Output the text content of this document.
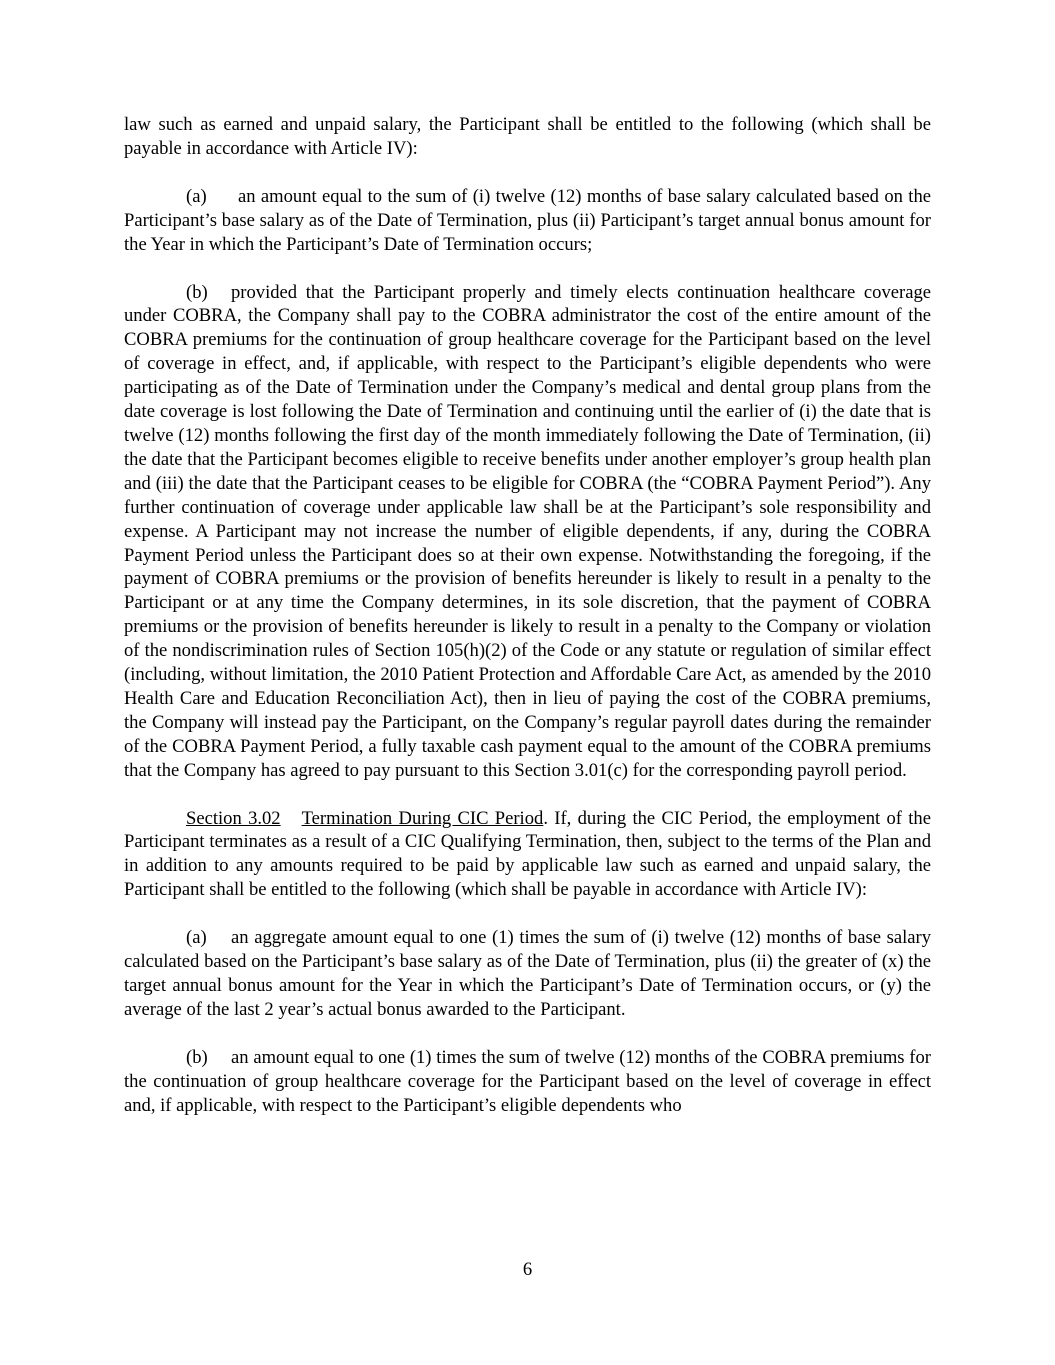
law such as earned and unpaid salary, the Participant shall be entitled to the following (which shall be payable in accordance with Article IV):

(a) an amount equal to the sum of (i) twelve (12) months of base salary calculated based on the Participant’s base salary as of the Date of Termination, plus (ii) Participant’s target annual bonus amount for the Year in which the Participant’s Date of Termination occurs;

(b) provided that the Participant properly and timely elects continuation healthcare coverage under COBRA, the Company shall pay to the COBRA administrator the cost of the entire amount of the COBRA premiums for the continuation of group healthcare coverage for the Participant based on the level of coverage in effect, and, if applicable, with respect to the Participant’s eligible dependents who were participating as of the Date of Termination under the Company’s medical and dental group plans from the date coverage is lost following the Date of Termination and continuing until the earlier of (i) the date that is twelve (12) months following the first day of the month immediately following the Date of Termination, (ii) the date that the Participant becomes eligible to receive benefits under another employer’s group health plan and (iii) the date that the Participant ceases to be eligible for COBRA (the “COBRA Payment Period”). Any further continuation of coverage under applicable law shall be at the Participant’s sole responsibility and expense. A Participant may not increase the number of eligible dependents, if any, during the COBRA Payment Period unless the Participant does so at their own expense. Notwithstanding the foregoing, if the payment of COBRA premiums or the provision of benefits hereunder is likely to result in a penalty to the Participant or at any time the Company determines, in its sole discretion, that the payment of COBRA premiums or the provision of benefits hereunder is likely to result in a penalty to the Company or violation of the nondiscrimination rules of Section 105(h)(2) of the Code or any statute or regulation of similar effect (including, without limitation, the 2010 Patient Protection and Affordable Care Act, as amended by the 2010 Health Care and Education Reconciliation Act), then in lieu of paying the cost of the COBRA premiums, the Company will instead pay the Participant, on the Company’s regular payroll dates during the remainder of the COBRA Payment Period, a fully taxable cash payment equal to the amount of the COBRA premiums that the Company has agreed to pay pursuant to this Section 3.01(c) for the corresponding payroll period.

Section 3.02 Termination During CIC Period. If, during the CIC Period, the employment of the Participant terminates as a result of a CIC Qualifying Termination, then, subject to the terms of the Plan and in addition to any amounts required to be paid by applicable law such as earned and unpaid salary, the Participant shall be entitled to the following (which shall be payable in accordance with Article IV):

(a) an aggregate amount equal to one (1) times the sum of (i) twelve (12) months of base salary calculated based on the Participant’s base salary as of the Date of Termination, plus (ii) the greater of (x) the target annual bonus amount for the Year in which the Participant’s Date of Termination occurs, or (y) the average of the last 2 year’s actual bonus awarded to the Participant.

(b) an amount equal to one (1) times the sum of twelve (12) months of the COBRA premiums for the continuation of group healthcare coverage for the Participant based on the level of coverage in effect and, if applicable, with respect to the Participant’s eligible dependents who

6
